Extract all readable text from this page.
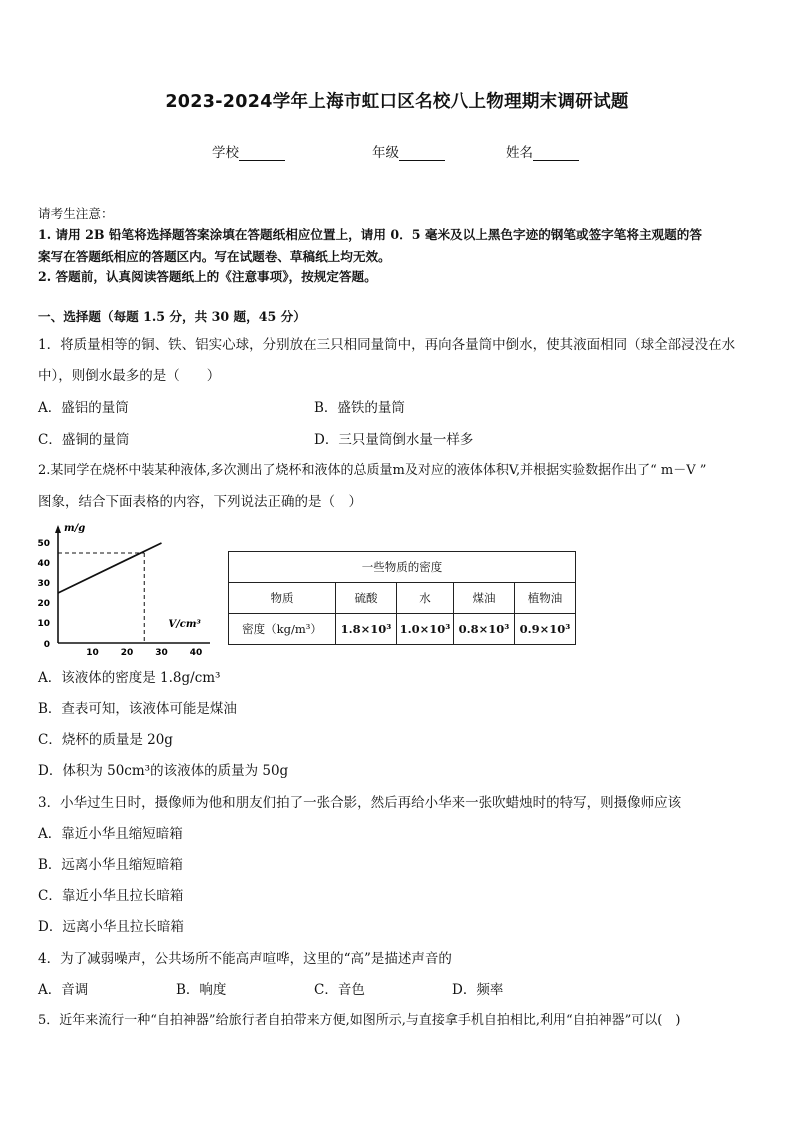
2023-2024学年上海市虹口区名校八上物理期末调研试题
学校	年级	姓名
请考生注意：
1. 请用 2B 铅笔将选择题答案涂填在答题纸相应位置上，请用 0．5 毫米及以上黑色字迹的钢笔或签字笔将主观题的答
案写在答题纸相应的答题区内。写在试题卷、草稿纸上均无效。
2. 答题前，认真阅读答题纸上的《注意事项》，按规定答题。
一、选择题（每题 1.5 分，共 30 题，45 分）
1．将质量相等的铜、铁、铝实心球，分别放在三只相同量筒中，再向各量筒中倒水，使其液面相同（球全部浸没在水
中），则倒水最多的是（　　）
A．盛铝的量筒	B．盛铁的量筒
C．盛铜的量筒	D．三只量筒倒水量一样多
2.某同学在烧杯中装某种液体,多次测出了烧杯和液体的总质量m及对应的液体体积V,并根据实验数据作出了“ m－V ”
图象，结合下面表格的内容，下列说法正确的是（　）
m/g
V/cm³
10
20
30
40
50
0
10 20 30 40
一些物质的密度				
物质	硫酸	水	煤油	植物油
密度（kg/m³）	1.8×10³	1.0×10³	0.8×10³	0.9×10³
A．该液体的密度是 1.8g/cm³
B．查表可知，该液体可能是煤油
C．烧杯的质量是 20g
D．体积为 50cm³的该液体的质量为 50g
3．小华过生日时，摄像师为他和朋友们拍了一张合影，然后再给小华来一张吹蜡烛时的特写，则摄像师应该
A．靠近小华且缩短暗箱
B．远离小华且缩短暗箱
C．靠近小华且拉长暗箱
D．远离小华且拉长暗箱
4．为了减弱噪声，公共场所不能高声喧哗，这里的“高”是描述声音的
A．音调	B．响度	C．音色	D．频率
5．近年来流行一种“自拍神器”给旅行者自拍带来方便,如图所示,与直接拿手机自拍相比,利用“自拍神器”可以(　)
